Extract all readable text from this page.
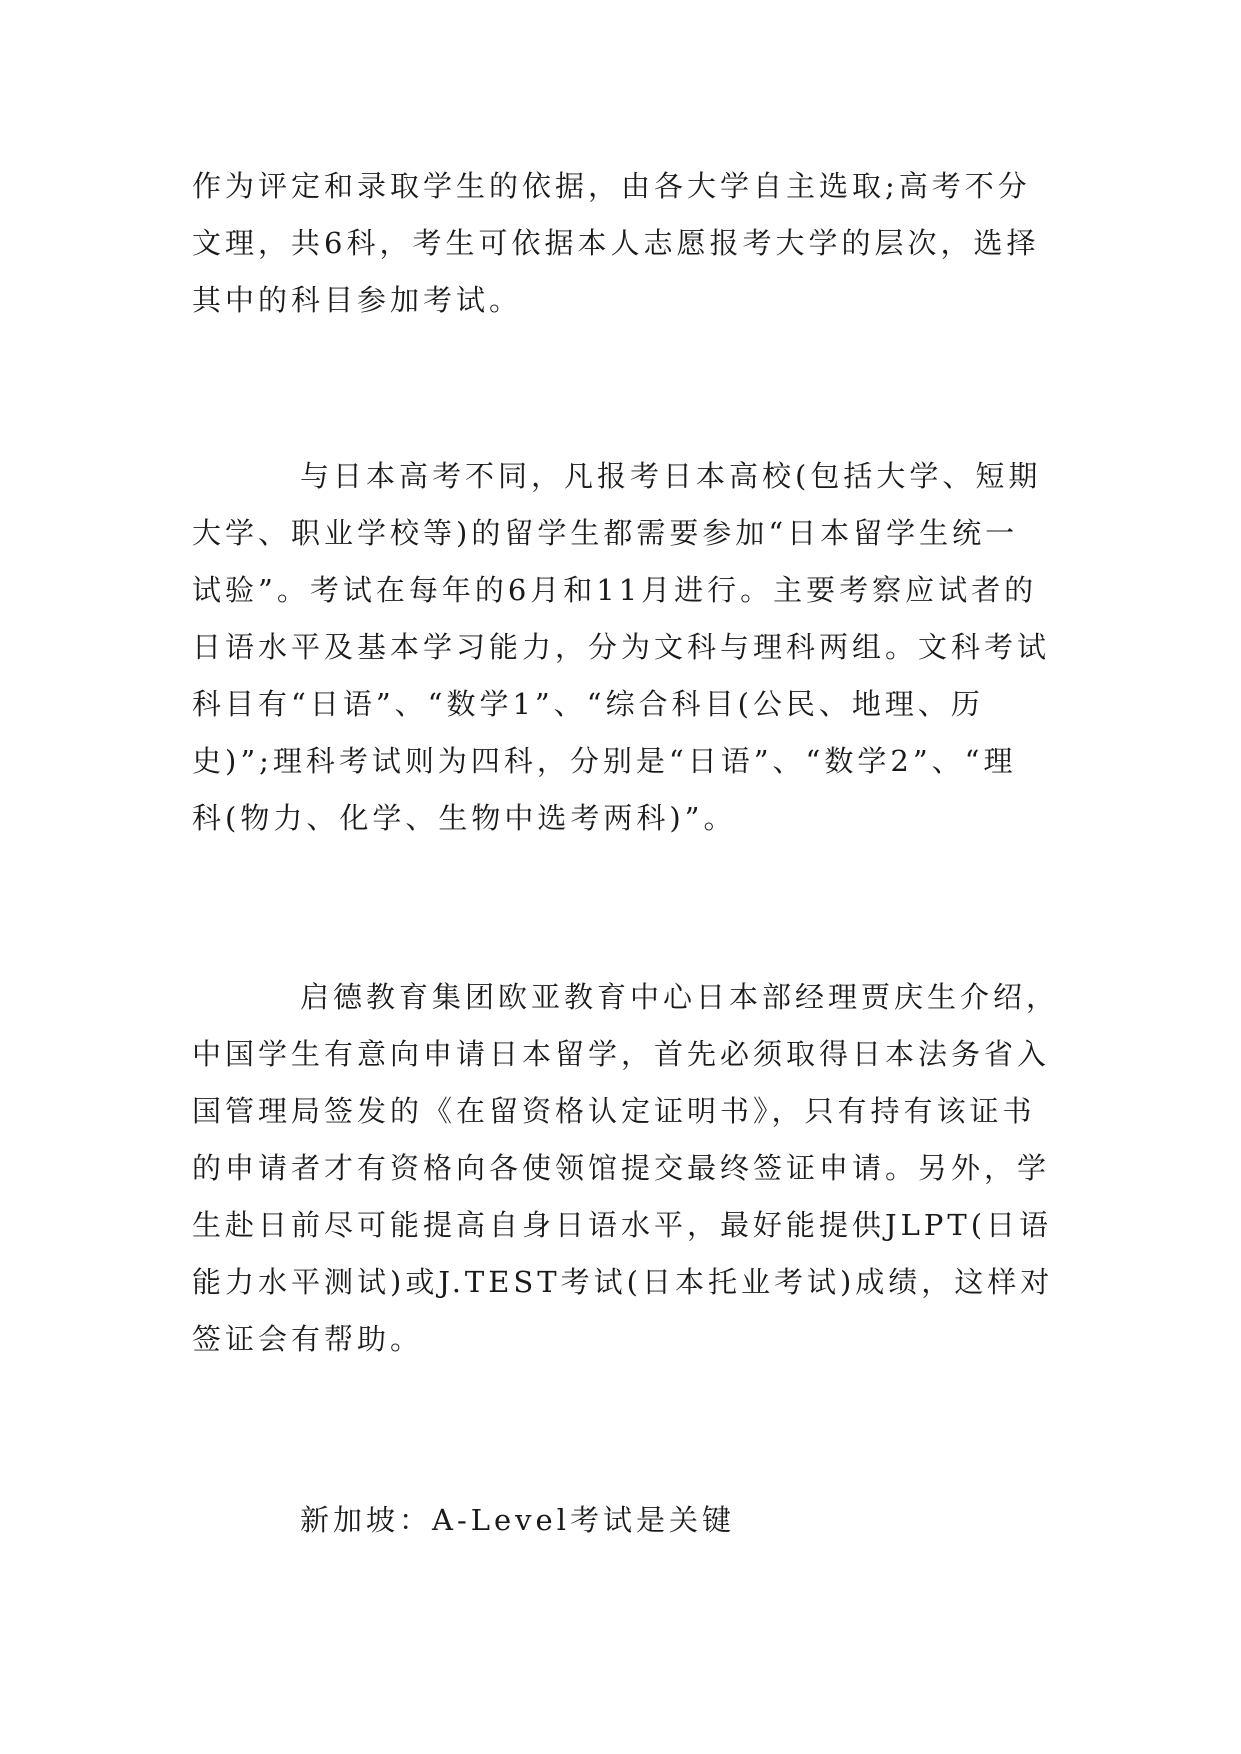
作为评定和录取学生的依据，由各大学自主选取;高考不分
文理，共6科，考生可依据本人志愿报考大学的层次，选择
其中的科目参加考试。

与日本高考不同，凡报考日本高校(包括大学、短期
大学、职业学校等)的留学生都需要参加“日本留学生统一
试验”。考试在每年的6月和11月进行。主要考察应试者的
日语水平及基本学习能力，分为文科与理科两组。文科考试
科目有“日语”、“数学1”、“综合科目(公民、地理、历
史)”;理科考试则为四科，分别是“日语”、“数学2”、“理
科(物力、化学、生物中选考两科)”。

启德教育集团欧亚教育中心日本部经理贾庆生介绍，
中国学生有意向申请日本留学，首先必须取得日本法务省入
国管理局签发的《在留资格认定证明书》，只有持有该证书
的申请者才有资格向各使领馆提交最终签证申请。另外，学
生赴日前尽可能提高自身日语水平，最好能提供JLPT(日语
能力水平测试)或J.TEST考试(日本托业考试)成绩，这样对
签证会有帮助。

新加坡：A-Level考试是关键
